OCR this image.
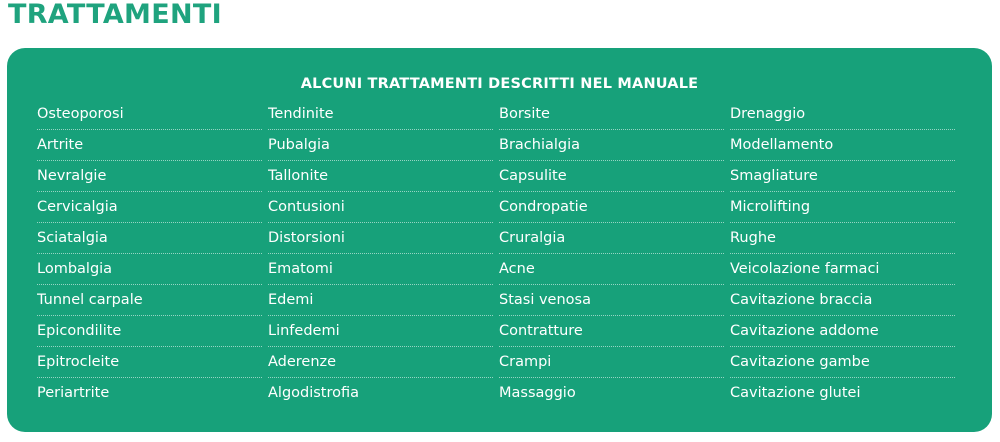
TRATTAMENTI
ALCUNI TRATTAMENTI DESCRITTI NEL MANUALE
Osteoporosi	Tendinite	Borsite	Drenaggio
Artrite	Pubalgia	Brachialgia	Modellamento
Nevralgie	Tallonite	Capsulite	Smagliature
Cervicalgia	Contusioni	Condropatie	Microlifting
Sciatalgia	Distorsioni	Cruralgia	Rughe
Lombalgia	Ematomi	Acne	Veicolazione farmaci
Tunnel carpale	Edemi	Stasi venosa	Cavitazione braccia
Epicondilite	Linfedemi	Contratture	Cavitazione addome
Epitrocleite	Aderenze	Crampi	Cavitazione gambe
Periartrite	Algodistrofia	Massaggio	Cavitazione glutei
